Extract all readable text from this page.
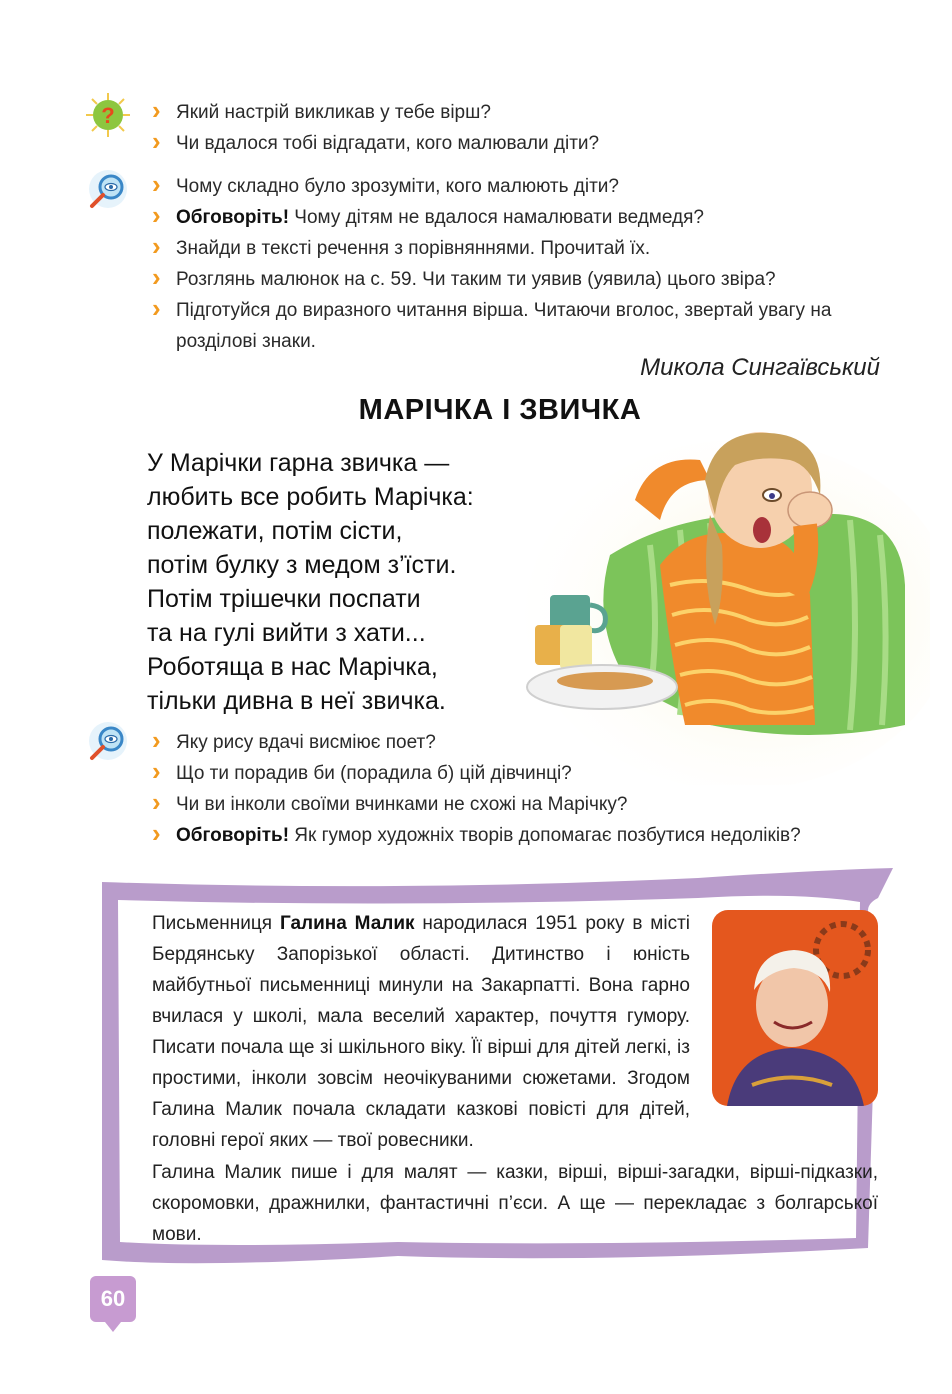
?
›	Який настрій викликав у тебе вірш?
› Чи вдалося тобі відгадати, кого малювали діти?
› Чому складно було зрозуміти, кого малюють діти?
› Обговоріть! Чому дітям не вдалося намалювати ведмедя?
› Знайди в тексті речення з порівняннями. Прочитай їх.
› Розглянь малюнок на с. 59. Чи таким ти уявив (уявила) цього звіра?
› Підготуйся до виразного читання вірша. Читаючи вголос, звертай увагу на розділові знаки.
Микола Сингаївський
МАРІЧКА І ЗВИЧКА
У Марічки гарна звичка —
любить все робить Марічка:
полежати, потім сісти,
потім булку з медом з’їсти.
Потім трішечки поспати
та на гулі вийти з хати...
Роботяща в нас Марічка,
тільки дивна в неї звичка.
› Яку рису вдачі висміює поет?
› Що ти порадив би (порадила б) цій дівчинці?
› Чи ви інколи своїми вчинками не схожі на Марічку?
› Обговоріть! Як гумор художніх творів допомагає позбутися недоліків?
Письменниця Галина Малик народилася 1951 року в місті Бердянську Запорізької області. Дитинство і юність майбутньої письменниці минули на Закарпатті. Вона гарно вчилася у школі, мала веселий характер, почуття гумору. Писати почала ще зі шкільного віку. Її вірші для дітей легкі, із простими, інколи зовсім неочікуваними сюжетами. Згодом Галина Малик почала складати казкові повісті для дітей, головні герої яких — твої ровесники.
Галина Малик пише і для малят — казки, вірші, вірші-загадки, вірші-підказки, скоромовки, дражнилки, фантастичні п’єси. А ще — перекладає з болгарської мови.
60
